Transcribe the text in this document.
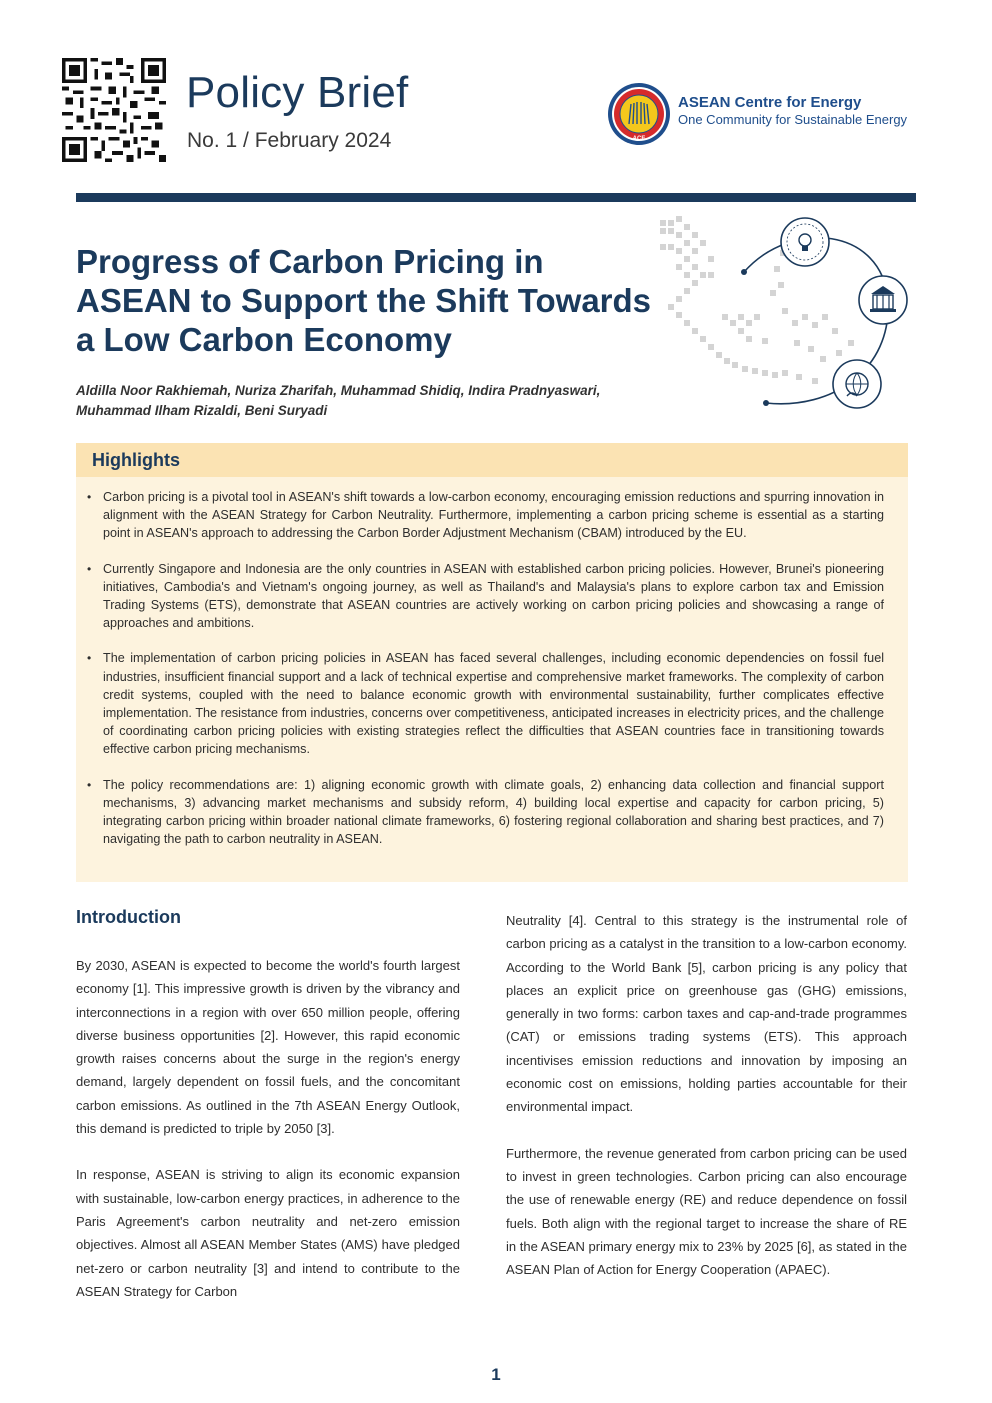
Policy Brief
No. 1 / February 2024	ACE
ASEAN Centre for Energy
One Community for Sustainable Energy
Progress of Carbon Pricing in ASEAN to Support the Shift Towards a Low Carbon Economy
Aldilla Noor Rakhiemah, Nuriza Zharifah, Muhammad Shidiq, Indira Pradnyaswari, Muhammad Ilham Rizaldi, Beni Suryadi
Highlights
• Carbon pricing is a pivotal tool in ASEAN's shift towards a low-carbon economy, encouraging emission reductions and spurring innovation in alignment with the ASEAN Strategy for Carbon Neutrality. Furthermore, implementing a carbon pricing scheme is essential as a starting point in ASEAN's approach to addressing the Carbon Border Adjustment Mechanism (CBAM) introduced by the EU.
• Currently Singapore and Indonesia are the only countries in ASEAN with established carbon pricing policies. However, Brunei's pioneering initiatives, Cambodia's and Vietnam's ongoing journey, as well as Thailand's and Malaysia's plans to explore carbon tax and Emission Trading Systems (ETS), demonstrate that ASEAN countries are actively working on carbon pricing policies and showcasing a range of approaches and ambitions.
• The implementation of carbon pricing policies in ASEAN has faced several challenges, including economic dependencies on fossil fuel industries, insufficient financial support and a lack of technical expertise and comprehensive market frameworks. The complexity of carbon credit systems, coupled with the need to balance economic growth with environmental sustainability, further complicates effective implementation. The resistance from industries, concerns over competitiveness, anticipated increases in electricity prices, and the challenge of coordinating carbon pricing policies with existing strategies reflect the difficulties that ASEAN countries face in transitioning towards effective carbon pricing mechanisms.
• The policy recommendations are: 1) aligning economic growth with climate goals, 2) enhancing data collection and financial support mechanisms, 3) advancing market mechanisms and subsidy reform, 4) building local expertise and capacity for carbon pricing, 5) integrating carbon pricing within broader national climate frameworks, 6) fostering regional collaboration and sharing best practices, and 7) navigating the path to carbon neutrality in ASEAN.
Introduction

By 2030, ASEAN is expected to become the world's fourth largest economy [1]. This impressive growth is driven by the vibrancy and interconnections in a region with over 650 million people, offering diverse business opportunities [2]. However, this rapid economic growth raises concerns about the surge in the region's energy demand, largely dependent on fossil fuels, and the concomitant carbon emissions. As outlined in the 7th ASEAN Energy Outlook, this demand is predicted to triple by 2050 [3].

In response, ASEAN is striving to align its economic expansion with sustainable, low-carbon energy practices, in adherence to the Paris Agreement's carbon neutrality and net-zero emission objectives. Almost all ASEAN Member States (AMS) have pledged net-zero or carbon neutrality [3] and intend to contribute to the ASEAN Strategy for Carbon

Neutrality [4]. Central to this strategy is the instrumental role of carbon pricing as a catalyst in the transition to a low-carbon economy. According to the World Bank [5], carbon pricing is any policy that places an explicit price on greenhouse gas (GHG) emissions, generally in two forms: carbon taxes and cap-and-trade programmes (CAT) or emissions trading systems (ETS). This approach incentivises emission reductions and innovation by imposing an economic cost on emissions, holding parties accountable for their environmental impact.

Furthermore, the revenue generated from carbon pricing can be used to invest in green technologies. Carbon pricing can also encourage the use of renewable energy (RE) and reduce dependence on fossil fuels. Both align with the regional target to increase the share of RE in the ASEAN primary energy mix to 23% by 2025 [6], as stated in the ASEAN Plan of Action for Energy Cooperation (APAEC).

1
